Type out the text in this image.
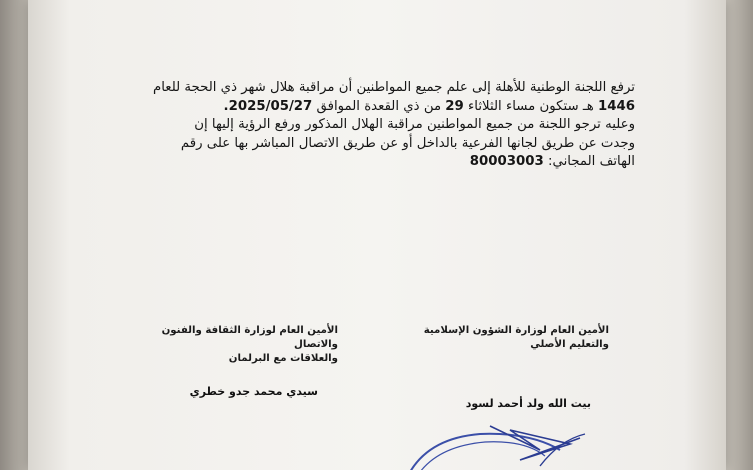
ترفع اللجنة الوطنية للأهلة إلى علم جميع المواطنين أن مراقبة هلال شهر ذي الحجة للعام
1446 هـ ستكون مساء الثلاثاء 29 من ذي القعدة الموافق 2025/05/27.
وعليه ترجو اللجنة من جميع المواطنين مراقبة الهلال المذكور ورفع الرؤية إليها إن
وجدت عن طريق لجانها الفرعية بالداخل أو عن طريق الاتصال المباشر بها على رقم
الهاتف المجاني: 80003003
الأمين العام لوزارة الشؤون الإسلامية
والتعليم الأصلي
الأمين العام لوزارة الثقافة والفنون والاتصال
والعلاقات مع البرلمان
بيت الله ولد أحمد لسود
سيدي محمد جدو خطري
